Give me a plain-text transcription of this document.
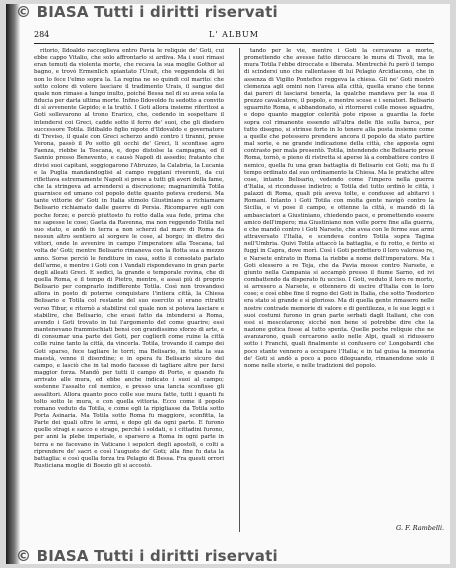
© BIASA Tutti i diritti riservati
284	L' ALBUM

ritorio, Ildoaldo raccoglieva entro Pavia le reliquie de' Goti, cui ebbe cappo Vitalio, che solo affrontarlo si ardiva. Ma i suoi rimasi eran temuti da violenta morte, che recava la sua moglie Gothor al bagno, e trovò Ermenlich spiantato l'Urait, che veggendola di lei non lo fece l'elmo sopra la. La regina ne so quindi col marito: che sotto colore di volere lasciare il tradimento Urais, il sangue del quale non rimase a lungo inulto, poiché Bessa nel di su avea sola la fiducia per darla ultima morte. Infino Ildovoldo fu sedotto a convito di sì avvenente Gepido; e la trattò. I Goti allora insieme riferitosi a Goti sollevarono al trono Erarico, che, cedendo in sospettare il intendersi coi Greci, cadde sotto il ferro de' suoi, che gli diedero successore Totila. Ildibaldo figlio nipote d'Ildovaldo e governatore di Treviso, il quale con Greci scherzo andò contro i tiranni, prese Verona, passò il Po sotto gli occhi de' Greci, li sconfisse agro Faenza, riebbe la Toscana, e, dopo distolse la campagna, ed il Sannio presso Benevento, e causò Napoli di assedio; fratanto che divisi suoi capitani, soggiogarono l'Abruzzo, la Calabria, la Lucania e la Puglia mandandoglisi al campo reggiani riverenti, da cui riflettava estremamente Napoli si prese a tutti gli averi della fame, che la stringeva ad arrendersi a discrezione; magnanimità Totila guarnisce ed umano col popolo dette quanto poteva credersi. Ma tante vittorie de' Goti in Italia stimolo Giustiniano a richiamare Belisario richiamato dalle guerre di Persia. Ricomparve egli con poche forze; e perciò piuttosto fu rotto dalla sua fede, prima che ne sapesse le cose; Gaeta da Ravenna, ma non reggendo Totila nel suo stato, e andò in terra a non scherzi dal mare di Roma da nessun altro sentiero al sorgere le cose, al borgo; in dietro dei vittori, onde le avvenire in campo l'imperatore alla Toscana, tal volta de' Goti; mentre Belisario rimaneva con la flotta sua a mezzo anno. Sorse perciò le fenditure in casa, sotto il consolato parlato dell'arme, e mentre i Goti con i Vandali rispondevano in gran parte degli alleati Greci. E sedici, la grande e temporale rovina, che di quella Roma, e il tempo di Pietro, mentre, e assai più di proprio Belisario per comprarlo indifferente Totila. Così non trovandosi allora in posto di poterne conquistare l'intiera città, la Chiesa Belisario e Totila col restante del suo esercito si erano ritratti verso Tibur, e ritornò a stabilirsi col quale non si poteva lasciare e stabilire, che Belisario, che erasi fatto da intendersi a Roma, avendo i Goti trovato in lui l'argomento del come guarire; essi mantenevano frammischiati bensì con grandissimo sforzo di arte, e di consumar una parte dei Goti, per coglierli come ruine la città colle ruine tanto la città, da vincerla. Totila, trovando il campo dei Goti sparso, fece tagliare le torri; ma Belisario, in tutta la sua maestà, venne il disordine; e in opera fu Belisario sicuro del campo, e lasciò che in tal modo facesse di tagliare altre per farsi maggior forza. Mandò per tutti il campo di Porto, e quando fu arrivato alle mura, ed ebbe anche indicato i suoi al campo; sostenne l'assalto col nemico, e presso una lancia sconfisse gli assalitori. Allora quanto poco colle sue mura fatte, tutti i quanti fu tolto sotto le mura, e con quella vittoria. Ecco come il popolo romano veduto da Totila, e come egli la ripigliasse da Totila sotto Porta Asinaria. Ma Totila sotto Roma fu maggiore, sconfitta, la Parte dei quali oltre le armi, e dopo gli da ogni parte. E furono quelle stragi e sacco e strage, perché i soldati, e i cittadini furono, per anni la plebe imperiale, e sparsero a Roma in ogni parte in terra e ne facevano in Vaticano i sepolcri degli apostoli, e colti a riprendere de' sacri e così l'augusto de' Goti; alla fine fu data la battaglia: e così quella forza tra Pelagio di Bessa. Fra questi orrori Rusticiana moglie di Boezio gli si accostò.

tando per le vie, mentre i Goti la cercavano a morte, promettendo che avesse fatto diroccare le mura di Tivoli, ma le mura Totila l'ebbe diroccate e liberata. Mentrechè fu però il tempo di scindersi uno che rallentasse di lui Pelagio Arcidiacono, che in assenza di Vigilio Pontefice reggeva la chiesa. Gli ne' Goti mostrò clemenza agli omini non l'avea alla città, quella erano che tenne dai pareri di lasciarsi tenerla, la qualche mandava per la sua il prezzo cavalcatore, il popolo, e mentre scese e i senatori. Belisario sguarnito Roma, e abbandonato, sì ritornerei colle mosse squadre, e dopo quanto maggior celerità pote ripose a guardia la forte sopra col rimanente essendo all'altra delle file sulla barca, per tutto disegno, si strinse forte in lo tenere alla posta insieme come a quelle che potessero prendere ancora il popolo da stato partire mal sorte, e ne grande indicazione della città, che apposta ogni contrasto per mala presentò. Totila, intendendo che Belisario prese Roma, tornò, e pieno di ristretta si aperse là a combattere contro il nemico, quella fu una gran battaglia di Belisario coi Goti; ma fu il tempo ordinato dal suo ordinamento la Chiesa. Ma le pratiche altre cose, intanto Belisario, vedendo come l'impero nella guerra d'Italia, si ricondusse indietro; e Totila del tutto ordinò le città, i palazzi di Roma, quali più aveva tolte, e condusse ad abitarvi i Romani. Intanto i Goti Totila con molta gente navigò contro la Sicilia, e vi pose il campo, e ottenne la città, e mandò di là ambasciatori a Giustiniano, chiedendo pace, e promettendo essere amico dell'impero; ma Giustiniano non volle porre fine alla guerra, e che mandò contro i Goti Narsete, che avea con le ferme sue armi attraversato l'Italia, e scendeva contro Totila sopra Tagina nell'Umbria. Quivi Totila attaccò la battaglia, e fu rotto, e ferito si fuggì in Capra, dove morì. Così i Goti perdettero il loro valoroso re, e Narsete entrato in Roma la riebbe a nome dell'imperatore. Ma i Goti elessero a re Teja, che da Pavia mosse contro Narsete, e giunto nella Campania si accampò presso il fiume Sarno, ed ivi combattendo da disperato fu ucciso. I Goti, veduto il loro re morto, si arresero a Narsete, e ottennero di uscire d'Italia con le loro cose; e così ebbe fine il regno dei Goti in Italia, che sotto Teodorico era stato sì grande e sì glorioso. Ma di quella gente rimasero nelle nostre contrade memorie di valore e di gentilezza, e le sue leggi e i suoi costumi furono in gran parte serbati dagli Italiani, che con essi si mescolarono; sicché non bene si potrebbe dire che la nazione gotica fosse al tutto spenta. Quelle poche reliquie che ne avanzarono, quali cercarono asilo nelle Alpi, quali si ridussero sotto i Franchi, quali finalmente si confusero co' Longobardi che poco stante vennero a occupare l'Italia; e in tal guisa la memoria de' Goti si andò a poco a poco dileguando, rimanendone solo il nome nelle storie, e nelle tradizioni del popolo.

G. F. Rambelli.
© BIASA Tutti i diritti riservati
